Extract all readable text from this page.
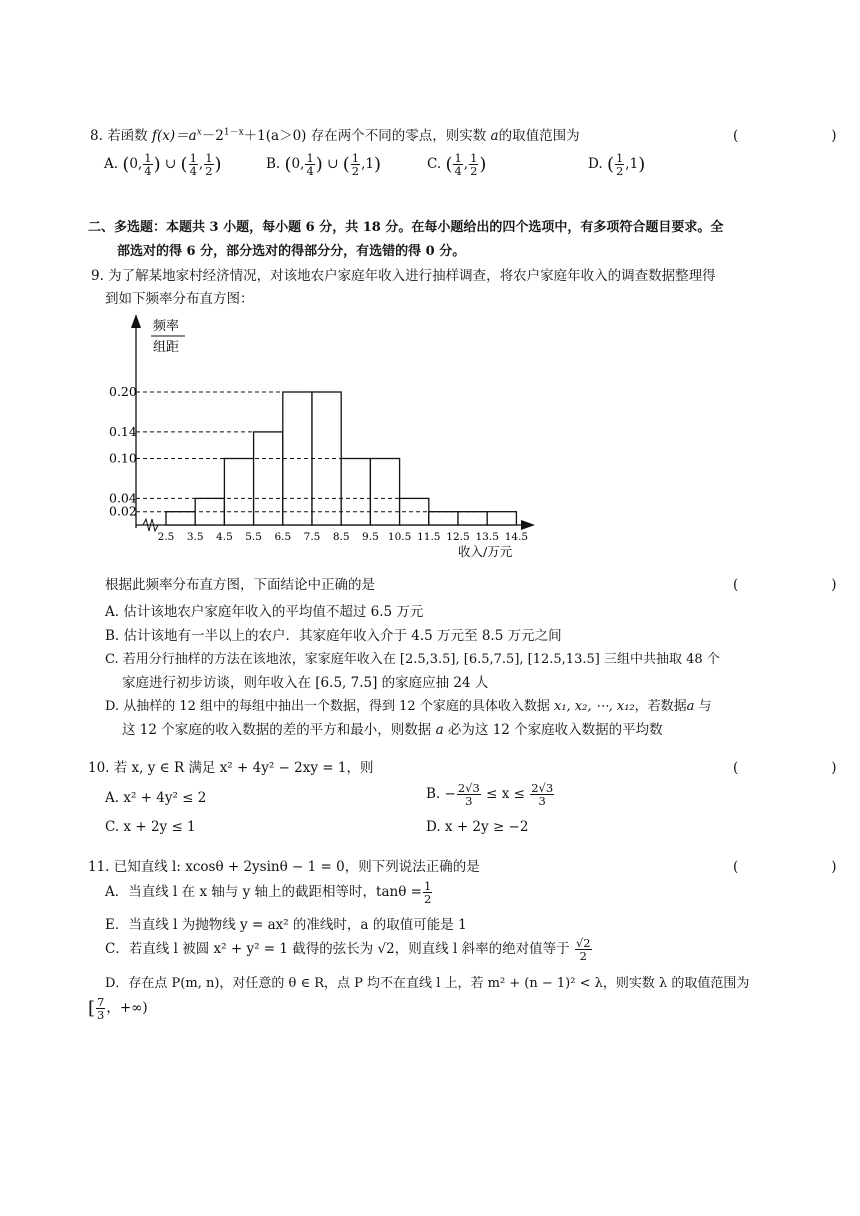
8. 若函数 $f(x)=a^x-2^{1-x}+1(a>0)$ 存在两个不同的零点，则实数 a的取值范围为	(　　)
A. (0, $\frac{1}{4}$ ) ∪ ( $\frac{1}{4}$ , $\frac{1}{2}$ )	B. (0, $\frac{1}{4}$ ) ∪ ( $\frac{1}{2} ,1$)	C. ( $\frac{1}{4}$ , $\frac{1}{2}$ )	D. ( $\frac{1}{2} ,1$)
二、多选题：本题共 3 小题，每小题 6 分，共 18 分。在每小题给出的四个选项中，有多项符合题目要求。全
部选对的得 6 分，部分选对的得部分分，有选错的得 0 分。
9. 为了解某地家村经济情况，对该地农户家庭年收入进行抽样调查，将农户家庭年收入的调查数据整理得
到如下频率分布直方图：
频率
组距
收入/万元
0.02
0.04
0.10
0.14
0.20
2.5 3.5 4.5 5.5 6.5 7.5 8.5 9.5 10.5 11.5 12.5 13.5 14.5
根据此频率分布直方图，下面结论中正确的是	(　　)
A. 估计该地农户家庭年收入的平均值不超过 6.5 万元
B. 估计该地有一半以上的农户．其家庭年收入介于 4.5 万元至 8.5 万元之间
C. 若用分行抽样的方法在该地浓，家家庭年收入在 [2.5,3.5], [6.5,7.5], [12.5,13.5] 三组中共抽取 48 个
家庭进行初步访谈，则年收入在 [6.5, 7.5] 的家庭应抽 24 人
D. 从抽样的 12 组中的每组中抽出一个数据，得到 12 个家庭的具体收入数据 x₁, x₂, ⋯, x₁₂，若数据a 与
这 12 个家庭的收入数据的差的平方和最小，则数据 a 必为这 12 个家庭收入数据的平均数
10. 若 x, y ∈ R 满足 x² + 4y² − 2xy = 1，则	(　　)
A. x² + 4y² ≤ 2	B. − $\frac{2√3}{3} \le x \le \frac{2√3}{3}$
C. x + 2y ≤ 1	D. x + 2y ≥ −2
11. 已知直线 l: xcosθ + 2ysinθ − 1 = 0，则下列说法正确的是	(　　)
A．当直线 l 在 x 轴与 y 轴上的截距相等时，$\tan\theta = \frac{1}{2}$
E．当直线 l 为抛物线 y = ax² 的准线时，a 的取值可能是 1
C．若直线 l 被圆 x² + y² = 1 截得的弦长为 √2，则直线 l 斜率的绝对值等于 $\frac{√2}{2}$
D．存在点 P(m, n)，对任意的 θ ∈ R，点 P 均不在直线 l 上，若 m² + (n − 1)² < λ，则实数 λ 的取值范围为
[ $\frac{7}{3}$ ，+∞)
